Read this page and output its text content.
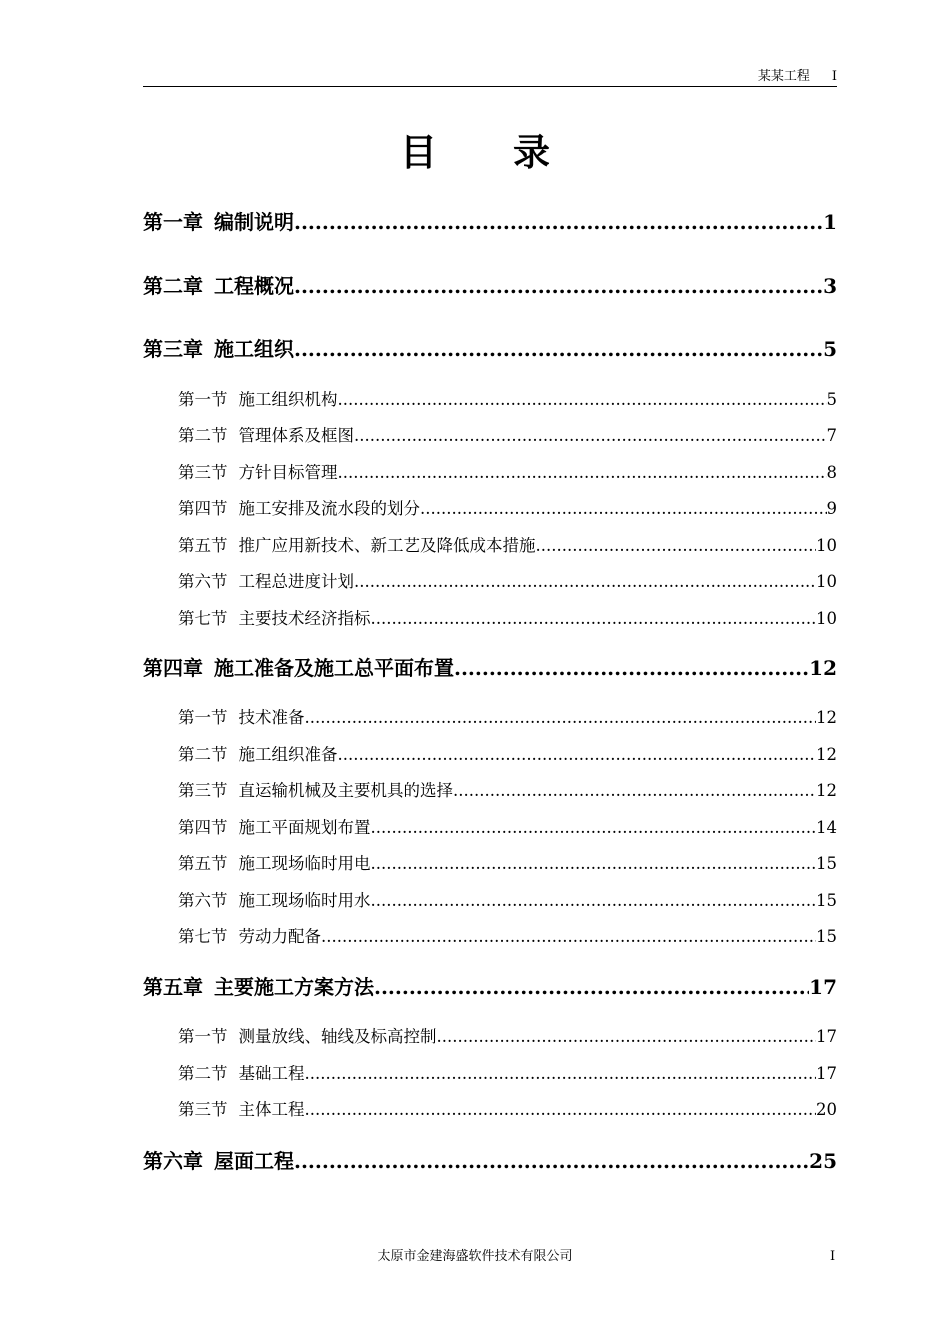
某某工程 I
目 录
第一章 编制说明 .....	1
第二章 工程概况 .....	3
第三章 施工组织 .....	5
第一节 施工组织机构 .....	5
第二节 管理体系及框图 .....	7
第三节 方针目标管理 .....	8
第四节 施工安排及流水段的划分 .....	9
第五节 推广应用新技术、新工艺及降低成本措施 .....	10
第六节 工程总进度计划 .....	10
第七节 主要技术经济指标 .....	10
第四章 施工准备及施工总平面布置 .....	12
第一节 技术准备 .....	12
第二节 施工组织准备 .....	12
第三节 直运输机械及主要机具的选择 .....	12
第四节 施工平面规划布置 .....	14
第五节 施工现场临时用电 .....	15
第六节 施工现场临时用水 .....	15
第七节 劳动力配备 .....	15
第五章 主要施工方案方法 .....	17
第一节 测量放线、轴线及标高控制 .....	17
第二节 基础工程 .....	17
第三节 主体工程 .....	20
第六章 屋面工程 .....	25
太原市金建海盛软件技术有限公司	I
